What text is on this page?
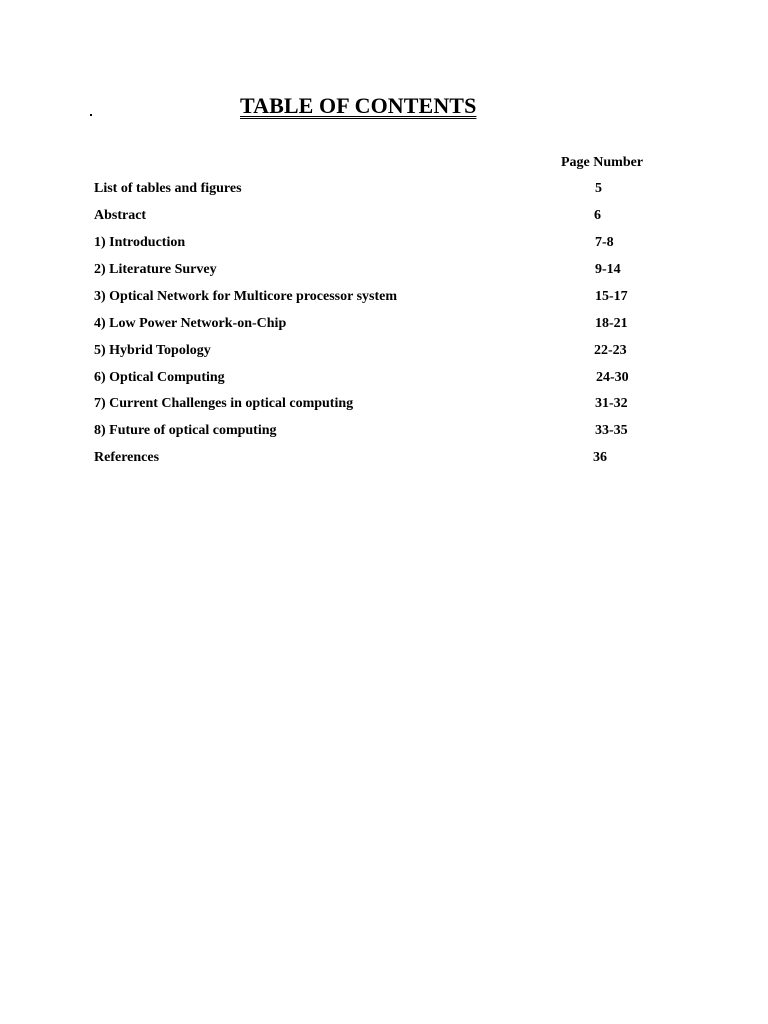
TABLE OF CONTENTS
Page Number
List of tables and figures	5
Abstract	6
1) Introduction	7-8
2) Literature Survey	9-14
3) Optical Network for Multicore processor system	15-17
4) Low Power Network-on-Chip	18-21
5) Hybrid Topology	22-23
6) Optical Computing	24-30
7) Current Challenges in optical computing	31-32
8) Future of optical computing	33-35
References	36
